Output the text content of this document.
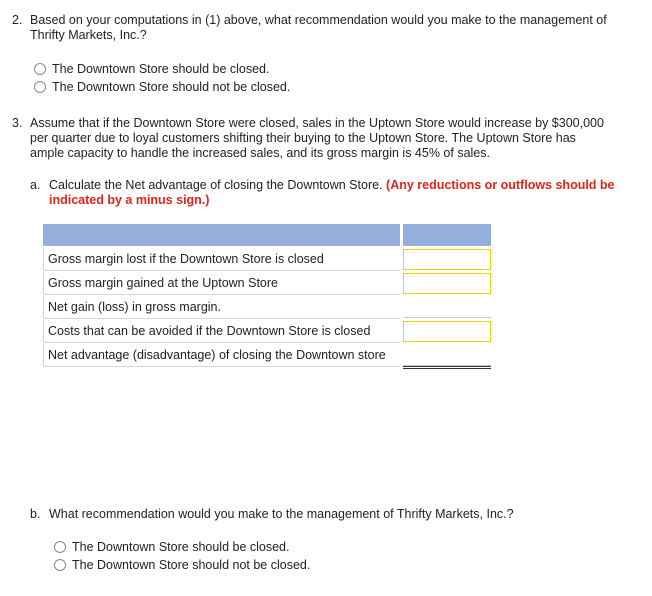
2. Based on your computations in (1) above, what recommendation would you make to the management of
Thrifty Markets, Inc.?
The Downtown Store should be closed.
The Downtown Store should not be closed.
3. Assume that if the Downtown Store were closed, sales in the Uptown Store would increase by $300,000
per quarter due to loyal customers shifting their buying to the Uptown Store. The Uptown Store has
ample capacity to handle the increased sales, and its gross margin is 45% of sales.
a. Calculate the Net advantage of closing the Downtown Store. (Any reductions or outflows should be
indicated by a minus sign.)
Gross margin lost if the Downtown Store is closed
Gross margin gained at the Uptown Store
Net gain (loss) in gross margin.
Costs that can be avoided if the Downtown Store is closed
Net advantage (disadvantage) of closing the Downtown store
b. What recommendation would you make to the management of Thrifty Markets, Inc.?
The Downtown Store should be closed.
The Downtown Store should not be closed.
